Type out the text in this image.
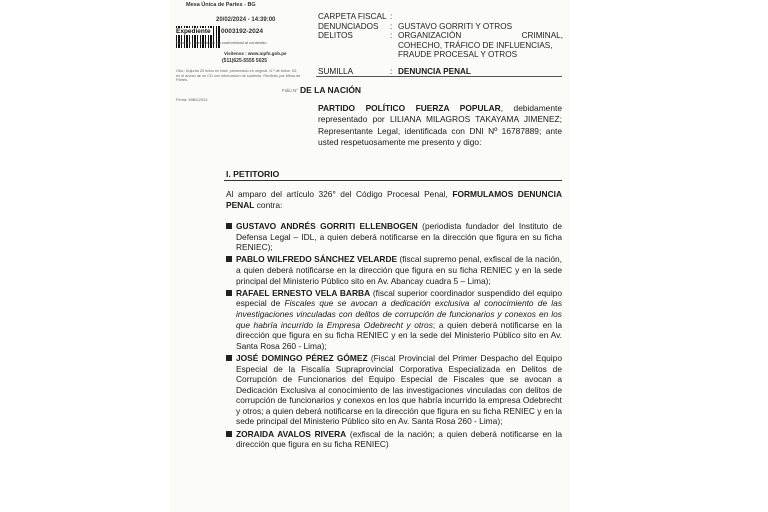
Mesa Única de Partes - BG
20/02/2024 - 14:39:00
Expediente	0003192-2024
Nota: La recepción no da conformidad al contenido
Visítenos : www.mpfn.gob.pe
(511)625-5555 5025
Obs.: Adjunta 25 folios en total, presentado en original. N.º de folios: 53; en el anexo de un CD con información de sustento. Recibido por Mesa de Partes.
Firma: MIBG2024
CARPETA FISCAL
DENUNCIADOS
DELITOS
:
:
:
GUSTAVO GORRITI Y OTROS
ORGANIZACIÓN CRIMINAL,
COHECHO, TRÁFICO DE INFLUENCIAS,
FRAUDE PROCESAL Y OTROS
SUMILLA	: DENUNCIA PENAL
Folio N° DE LA NACIÓN
PARTIDO POLÍTICO FUERZA POPULAR, debidamente representado por LILIANA MILAGROS TAKAYAMA JIMENEZ; Representante Legal, identificada con DNI Nº 16787889; ante usted respetuosamente me presento y digo:
I. PETITORIO
Al amparo del artículo 326° del Código Procesal Penal, FORMULAMOS DENUNCIA PENAL contra:
GUSTAVO ANDRÉS GORRITI ELLENBOGEN (periodista fundador del Instituto de Defensa Legal – IDL, a quien deberá notificarse en la dirección que figura en su ficha RENIEC);
PABLO WILFREDO SÁNCHEZ VELARDE (fiscal supremo penal, exfiscal de la nación, a quien deberá notificarse en la dirección que figura en su ficha RENIEC y en la sede principal del Ministerio Público sito en Av. Abancay cuadra 5 – Lima);
RAFAEL ERNESTO VELA BARBA (fiscal superior coordinador suspendido del equipo especial de Fiscales que se avocan a dedicación exclusiva al conocimiento de las investigaciones vinculadas con delitos de corrupción de funcionarios y conexos en los que habría incurrido la Empresa Odebrecht y otros; a quien deberá notificarse en la dirección que figura en su ficha RENIEC y en la sede del Ministerio Público sito en Av. Santa Rosa 260 - Lima);
JOSÉ DOMINGO PÉREZ GÓMEZ (Fiscal Provincial del Primer Despacho del Equipo Especial de la Fiscalía Supraprovincial Corporativa Especializada en Delitos de Corrupción de Funcionarios del Equipo Especial de Fiscales que se avocan a Dedicación Exclusiva al conocimiento de las investigaciones vinculadas con delitos de corrupción de funcionarios y conexos en los que habría incurrido la empresa Odebrecht y otros; a quien deberá notificarse en la dirección que figura en su ficha RENIEC y en la sede principal del Ministerio Público sito en Av. Santa Rosa 260 - Lima);
ZORAIDA AVALOS RIVERA (exfiscal de la nación; a quien deberá notificarse en la dirección que figura en su ficha RENIEC)
